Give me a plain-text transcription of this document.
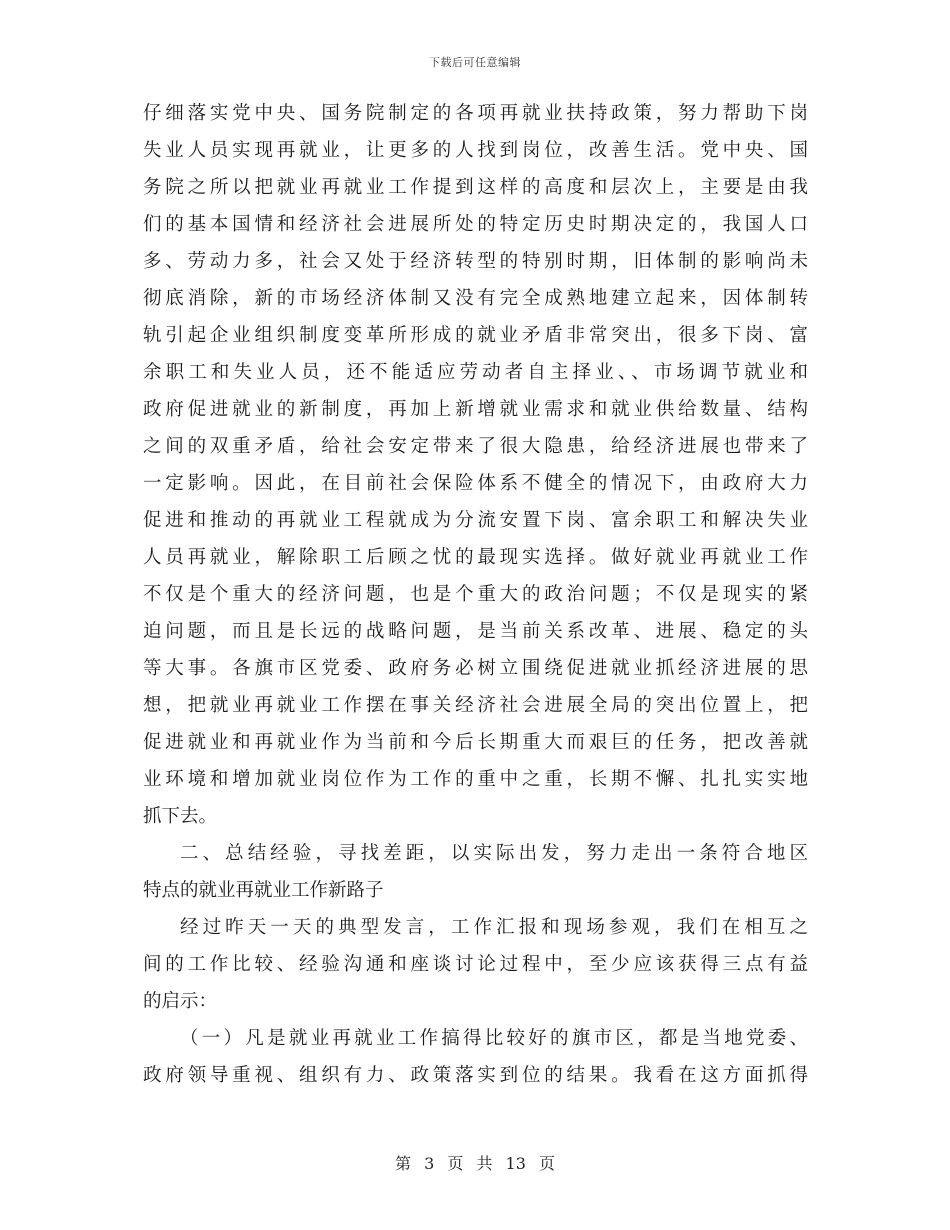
下载后可任意编辑
仔细落实党中央、国务院制定的各项再就业扶持政策，努力帮助下岗
失业人员实现再就业，让更多的人找到岗位，改善生活。党中央、国
务院之所以把就业再就业工作提到这样的高度和层次上，主要是由我
们的基本国情和经济社会进展所处的特定历史时期决定的，我国人口
多、劳动力多，社会又处于经济转型的特别时期，旧体制的影响尚未
彻底消除，新的市场经济体制又没有完全成熟地建立起来，因体制转
轨引起企业组织制度变革所形成的就业矛盾非常突出，很多下岗、富
余职工和失业人员，还不能适应劳动者自主择业、、市场调节就业和
政府促进就业的新制度，再加上新增就业需求和就业供给数量、结构
之间的双重矛盾，给社会安定带来了很大隐患，给经济进展也带来了
一定影响。因此，在目前社会保险体系不健全的情况下，由政府大力
促进和推动的再就业工程就成为分流安置下岗、富余职工和解决失业
人员再就业，解除职工后顾之忧的最现实选择。做好就业再就业工作
不仅是个重大的经济问题，也是个重大的政治问题；不仅是现实的紧
迫问题，而且是长远的战略问题，是当前关系改革、进展、稳定的头
等大事。各旗市区党委、政府务必树立围绕促进就业抓经济进展的思
想，把就业再就业工作摆在事关经济社会进展全局的突出位置上，把
促进就业和再就业作为当前和今后长期重大而艰巨的任务，把改善就
业环境和增加就业岗位作为工作的重中之重，长期不懈、扎扎实实地
抓下去。
二、总结经验，寻找差距，以实际出发，努力走出一条符合地区
特点的就业再就业工作新路子
经过昨天一天的典型发言，工作汇报和现场参观，我们在相互之
间的工作比较、经验沟通和座谈讨论过程中，至少应该获得三点有益
的启示：
（一）凡是就业再就业工作搞得比较好的旗市区，都是当地党委、
政府领导重视、组织有力、政策落实到位的结果。我看在这方面抓得
第 3 页 共 13 页
